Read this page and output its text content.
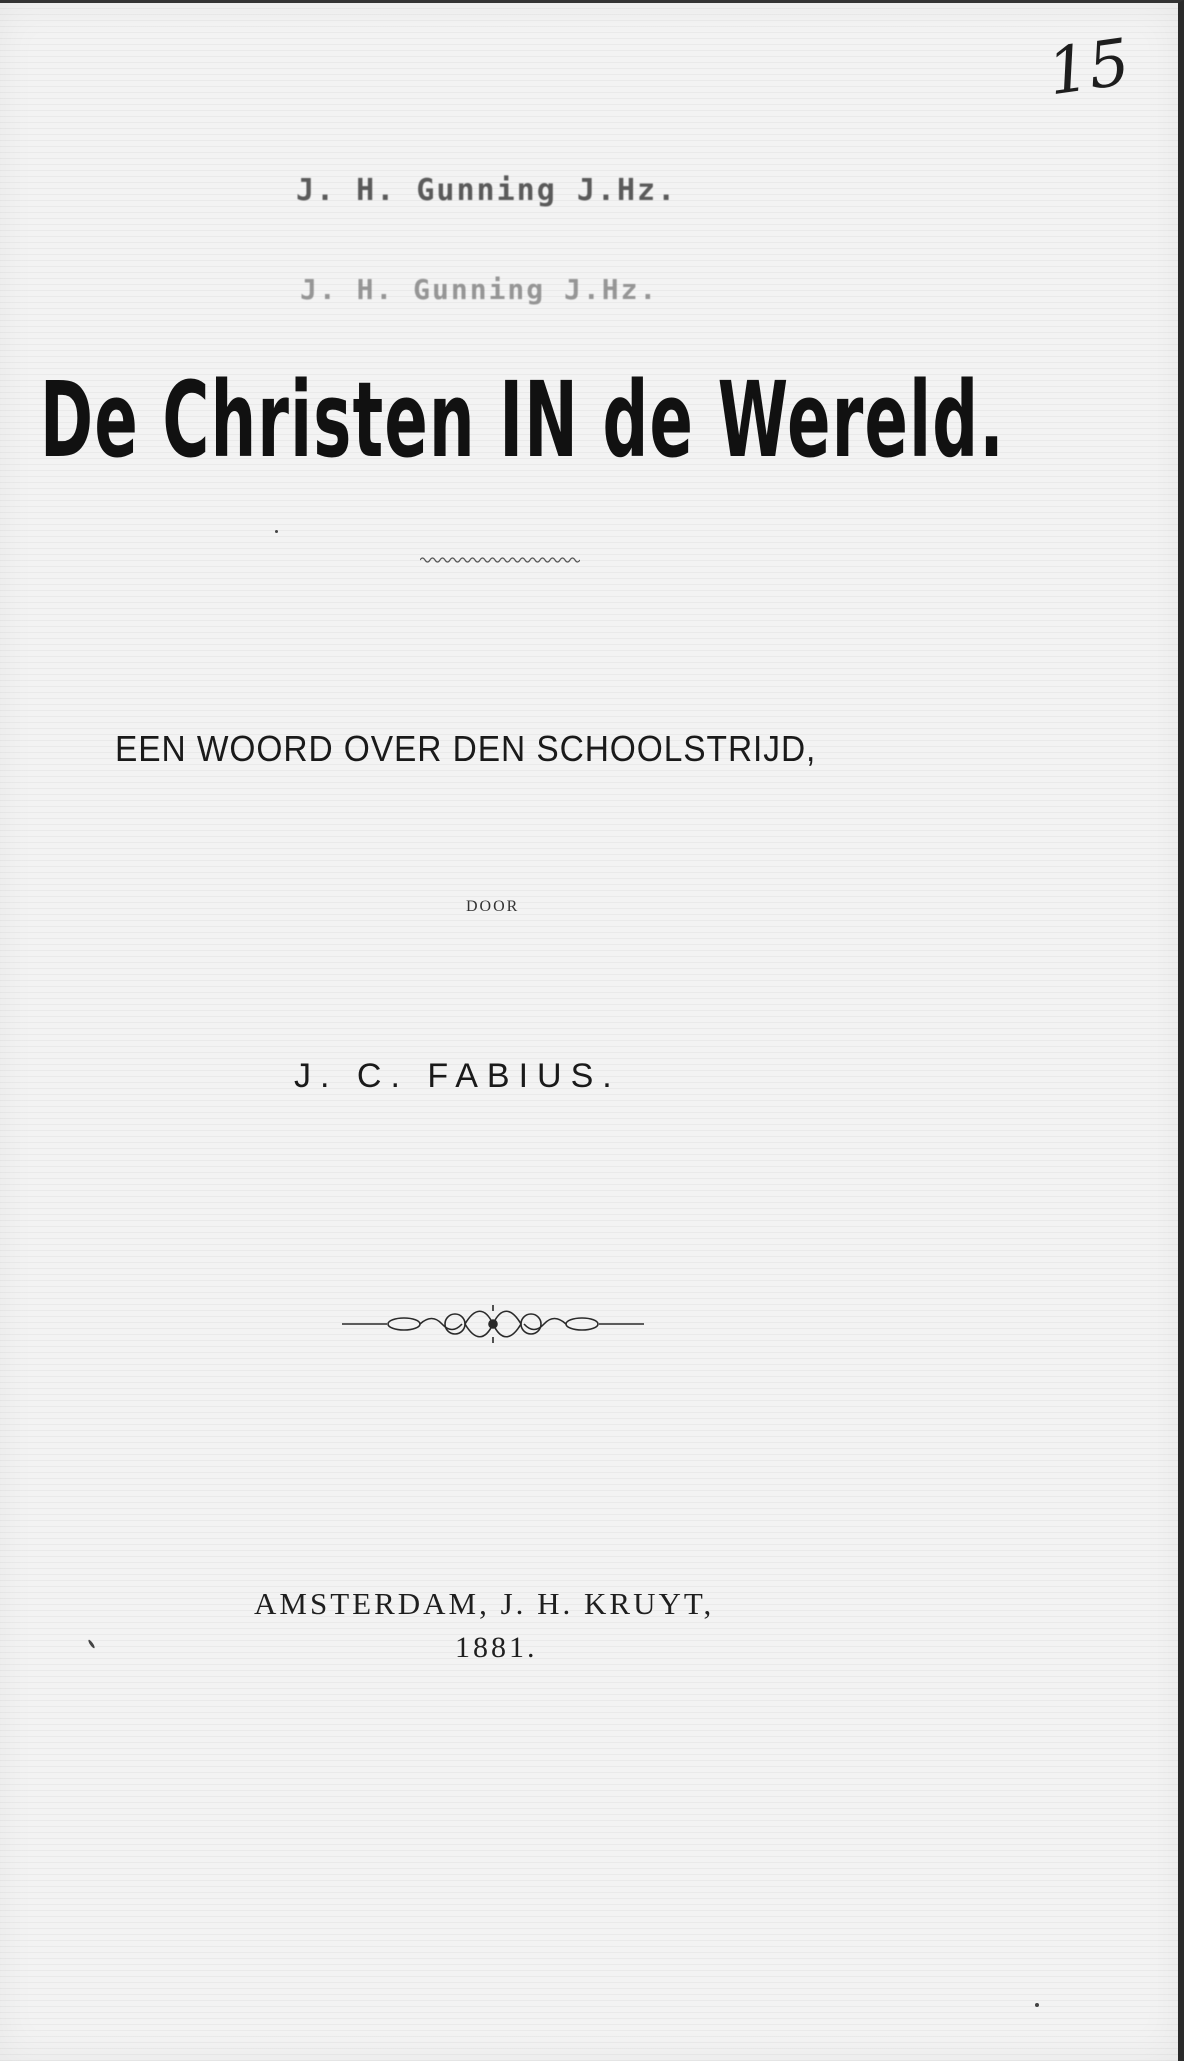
15
J. H. Gunning J.Hz.
J. H. Gunning J.Hz.
De Christen IN de Wereld.
EEN WOORD OVER DEN SCHOOLSTRIJD,
DOOR
J. C. FABIUS.
AMSTERDAM, J. H. KRUYT,
1881.
